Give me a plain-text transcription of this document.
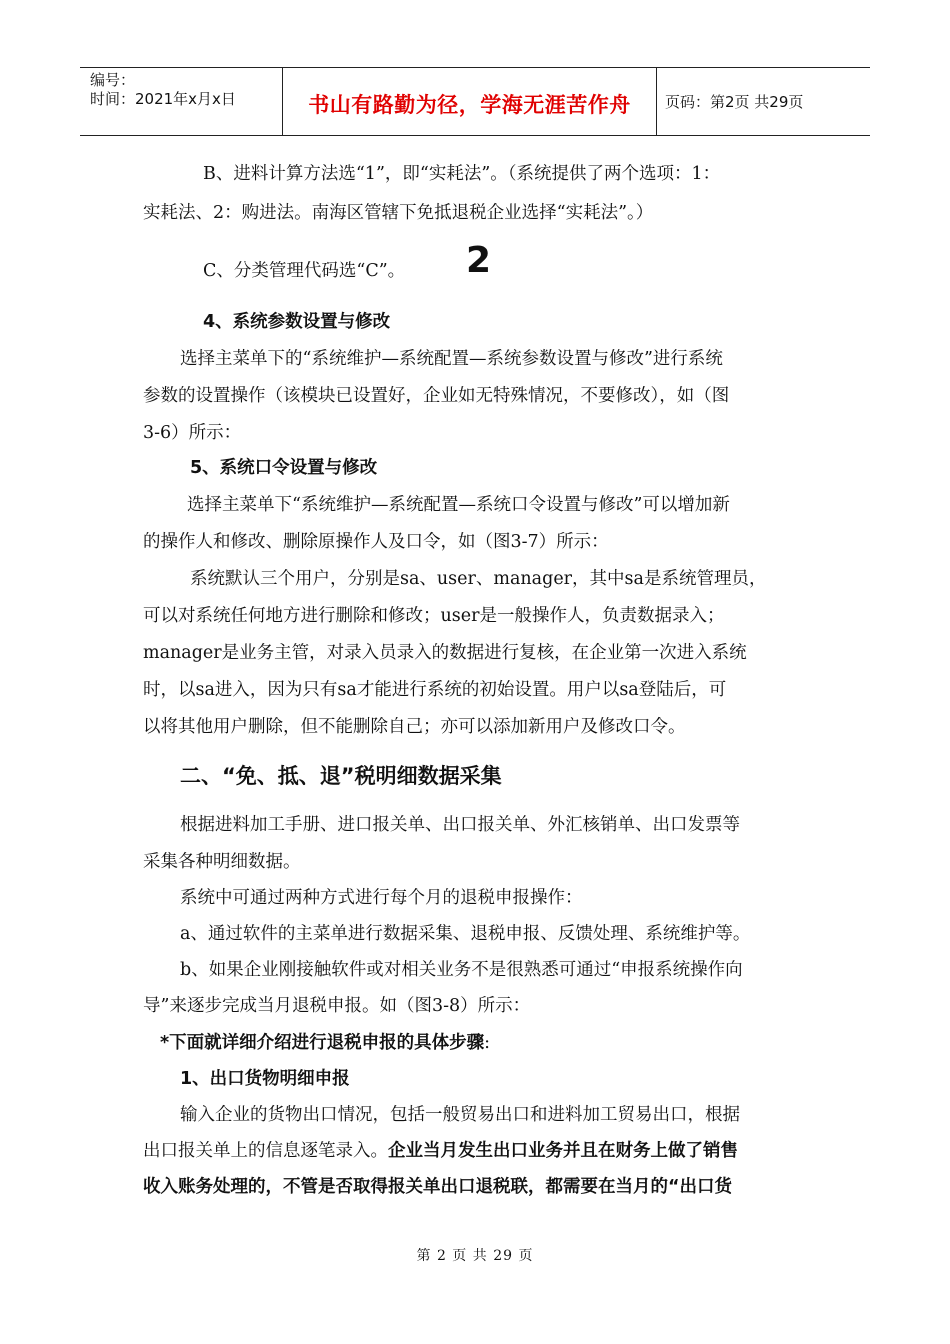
编号：
时间：2021年x月x日	书山有路勤为径，学海无涯苦作舟	页码：第2页 共29页
B、进料计算方法选“1”，即“实耗法”。（系统提供了两个选项：1：
实耗法、2：购进法。南海区管辖下免抵退税企业选择“实耗法”。）
C、分类管理代码选“C”。 2
4、系统参数设置与修改
选择主菜单下的“系统维护—系统配置—系统参数设置与修改”进行系统
参数的设置操作（该模块已设置好，企业如无特殊情况，不要修改），如（图
3-6）所示：
5、系统口令设置与修改
选择主菜单下“系统维护—系统配置—系统口令设置与修改”可以增加新
的操作人和修改、删除原操作人及口令，如（图3-7）所示：
系统默认三个用户，分别是sa、user、manager，其中sa是系统管理员，
可以对系统任何地方进行删除和修改；user是一般操作人，负责数据录入；
manager是业务主管，对录入员录入的数据进行复核，在企业第一次进入系统
时，以sa进入，因为只有sa才能进行系统的初始设置。用户以sa登陆后，可
以将其他用户删除，但不能删除自己；亦可以添加新用户及修改口令。
二、“免、抵、退”税明细数据采集
根据进料加工手册、进口报关单、出口报关单、外汇核销单、出口发票等
采集各种明细数据。
系统中可通过两种方式进行每个月的退税申报操作：
a、通过软件的主菜单进行数据采集、退税申报、反馈处理、系统维护等。
b、如果企业刚接触软件或对相关业务不是很熟悉可通过“申报系统操作向
导”来逐步完成当月退税申报。如（图3-8）所示：
*下面就详细介绍进行退税申报的具体步骤:
1、出口货物明细申报
输入企业的货物出口情况，包括一般贸易出口和进料加工贸易出口，根据
出口报关单上的信息逐笔录入。企业当月发生出口业务并且在财务上做了销售
收入账务处理的，不管是否取得报关单出口退税联，都需要在当月的“出口货
第 2 页 共 29 页
